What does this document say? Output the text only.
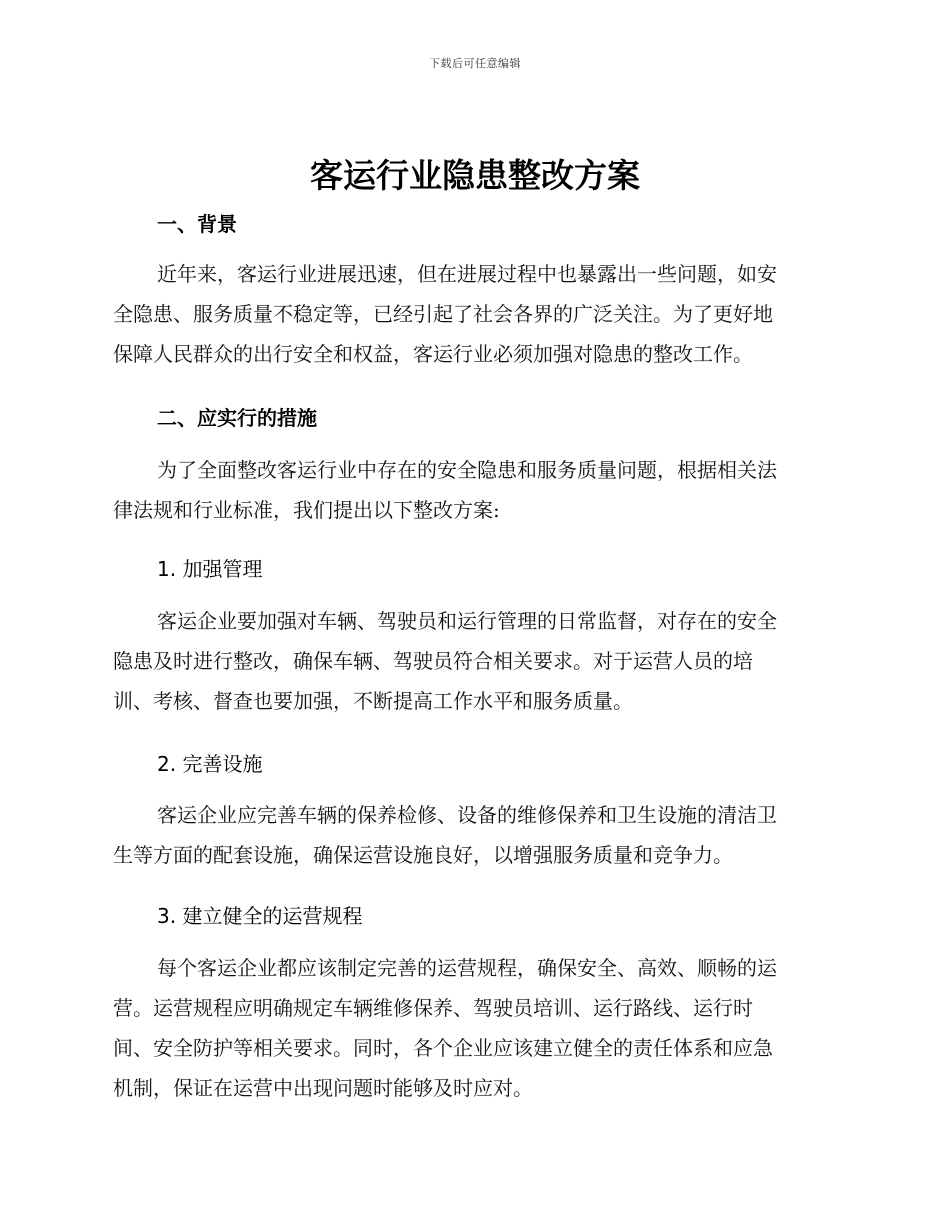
下载后可任意编辑
客运行业隐患整改方案
一、背景
近年来，客运行业进展迅速，但在进展过程中也暴露出一些问题，如安
全隐患、服务质量不稳定等，已经引起了社会各界的广泛关注。为了更好地
保障人民群众的出行安全和权益，客运行业必须加强对隐患的整改工作。
二、应实行的措施
为了全面整改客运行业中存在的安全隐患和服务质量问题，根据相关法
律法规和行业标准，我们提出以下整改方案:
1. 加强管理
客运企业要加强对车辆、驾驶员和运行管理的日常监督，对存在的安全
隐患及时进行整改，确保车辆、驾驶员符合相关要求。对于运营人员的培
训、考核、督查也要加强，不断提高工作水平和服务质量。
2. 完善设施
客运企业应完善车辆的保养检修、设备的维修保养和卫生设施的清洁卫
生等方面的配套设施，确保运营设施良好，以增强服务质量和竞争力。
3. 建立健全的运营规程
每个客运企业都应该制定完善的运营规程，确保安全、高效、顺畅的运
营。运营规程应明确规定车辆维修保养、驾驶员培训、运行路线、运行时
间、安全防护等相关要求。同时，各个企业应该建立健全的责任体系和应急
机制，保证在运营中出现问题时能够及时应对。
